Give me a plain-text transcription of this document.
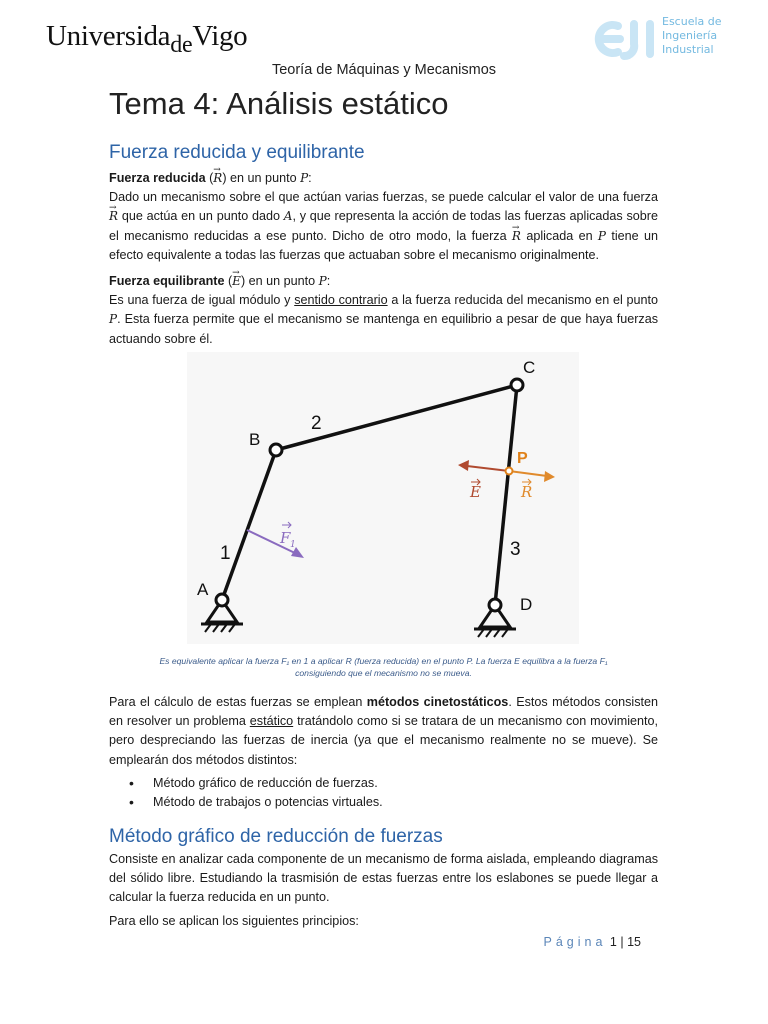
Universida$_{de}$Vigo	Escuela de
Ingeniería
Industrial
Teoría de Máquinas y Mecanismos
Tema 4: Análisis estático
Fuerza reducida y equilibrante
Fuerza reducida (→ R) en un punto P:
Dado un mecanismo sobre el que actúan varias fuerzas, se puede calcular el valor de una fuerza → R que actúa en un punto dado A, y que representa la acción de todas las fuerzas aplicadas sobre el mecanismo reducidas a ese punto. Dicho de otro modo, la fuerza → R aplicada en P tiene un efecto equivalente a todas las fuerzas que actuaban sobre el mecanismo originalmente.
Fuerza equilibrante (→ E) en un punto P:
Es una fuerza de igual módulo y sentido contrario a la fuerza reducida del mecanismo en el punto P. Esta fuerza permite que el mecanismo se mantenga en equilibrio a pesar de que haya fuerzas actuando sobre él.
A
B
C
D
1
2
3
P
F 1
E	R
Es equivalente aplicar la fuerza F₁ en 1 a aplicar R (fuerza reducida) en el punto P. La fuerza E equilibra a la fuerza F₁
consiguiendo que el mecanismo no se mueva.
Para el cálculo de estas fuerzas se emplean métodos cinetostáticos. Estos métodos consisten en resolver un problema estático tratándolo como si se tratara de un mecanismo con movimiento, pero despreciando las fuerzas de inercia (ya que el mecanismo realmente no se mueve). Se emplearán dos métodos distintos:
• Método gráfico de reducción de fuerzas.
• Método de trabajos o potencias virtuales.
Método gráfico de reducción de fuerzas
Consiste en analizar cada componente de un mecanismo de forma aislada, empleando diagramas del sólido libre. Estudiando la trasmisión de estas fuerzas entre los eslabones se puede llegar a calcular la fuerza reducida en un punto.
Para ello se aplican los siguientes principios:
Página 1 | 15
